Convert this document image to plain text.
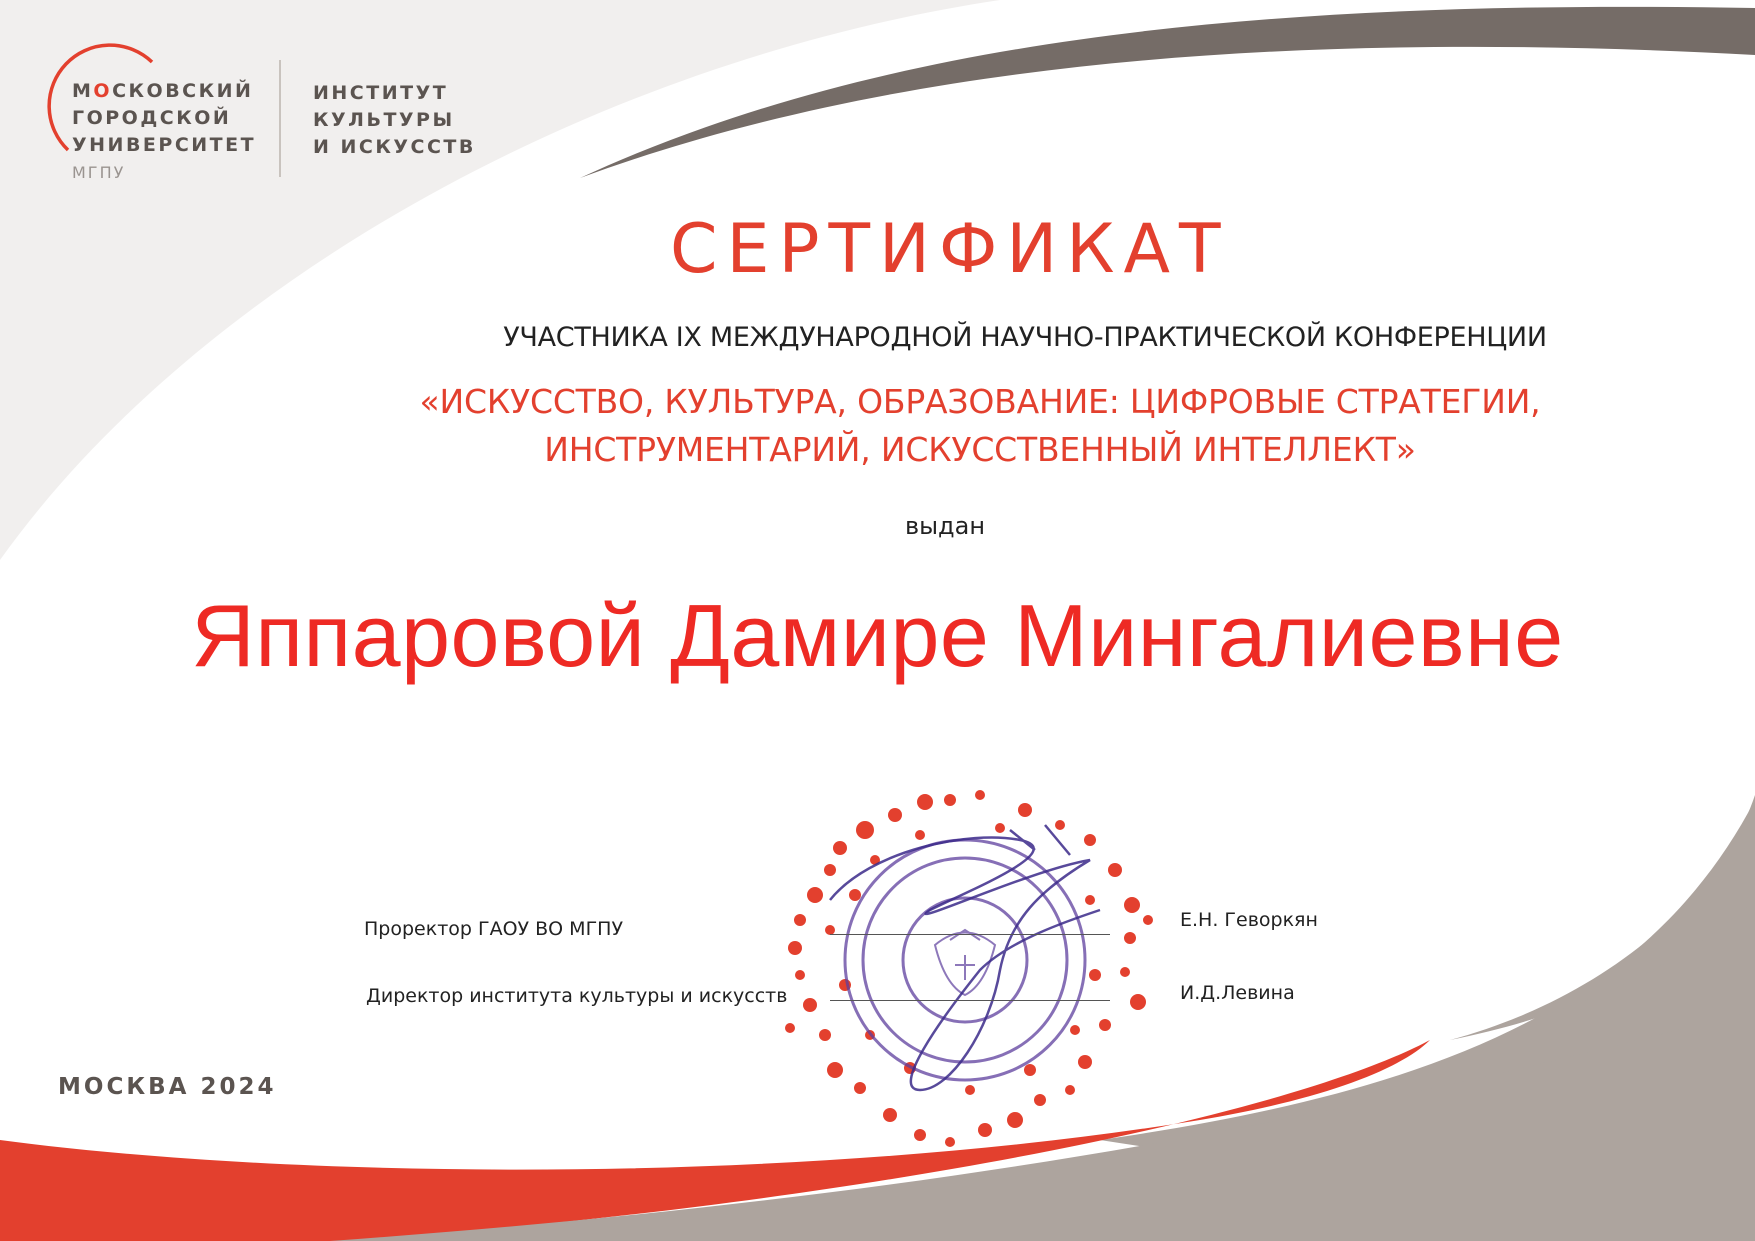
МОСКОВСКИЙ
ГОРОДСКОЙ
УНИВЕРСИТЕТ
МГПУ
ИНСТИТУТ
КУЛЬТУРЫ
И ИСКУССТВ
СЕРТИФИКАТ
УЧАСТНИКА IX МЕЖДУНАРОДНОЙ НАУЧНО-ПРАКТИЧЕСКОЙ КОНФЕРЕНЦИИ
«ИСКУССТВО, КУЛЬТУРА, ОБРАЗОВАНИЕ: ЦИФРОВЫЕ СТРАТЕГИИ,
ИНСТРУМЕНТАРИЙ, ИСКУССТВЕННЫЙ ИНТЕЛЛЕКТ»
выдан
Яппаровой Дамире Мингалиевне
Проректор ГАОУ ВО МГПУ	Е.Н. Геворкян
Директор института культуры и искусств	И.Д.Левина
МОСКВА 2024
